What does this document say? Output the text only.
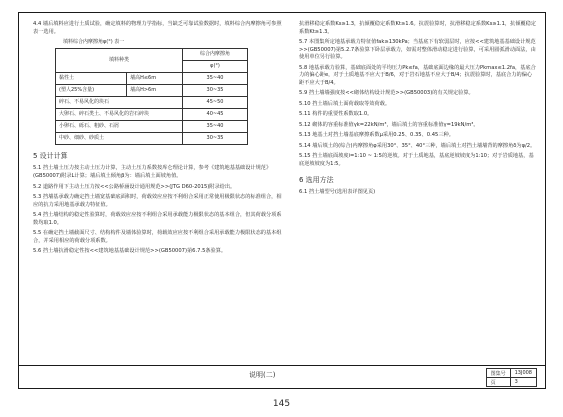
4.4 墙后填料应进行土质试验，确定填料的物理力学指标，当缺乏可靠试验数据时，填料综合内摩擦角可参照表一选用。

填料综合内摩擦角φ(°) 表一
填料种类		综合内摩擦角
		φ(°)
黏性土	墙高H≤6m	35~40
(塑人25%含量)	墙高H>6m	30~35
碎石、不易风化的块石		45~50
大卵石、碎石类土、不易风化的岩石碎块		40~45
小卵石、砾石、粗砂、石屑		35~40
中砂、细砂、砂质土		30~35
5 设计计算

5.1 挡土墙土压力按主动土压力计算，主动土压力系数按库仑理论计算，参考《建筑地基基础设计规范》(GB50007)附录L计算；墙后填土倾角β为：墙后填土面坡角值。

5.2 道路作用下主动土压力按<<公路桥涵设计通用规范>>(JTG D60-2015)附录给出。

5.3 挡墙基承载力确定挡土墙宽基础底面积时，荷载效应应按不利组合采用正常使用极限状态的标准组合，相应的抗力采用地基承载力特征值。

5.4 挡土墙结构的稳定性验算时，荷载效应应按不利组合采用承载能力极限状态的基本组合，但其荷载分项系数均取1.0。

5.5 在确定挡土墙截面尺寸、结构构件及墙体验算时，荷载效应应按不利组合采用承载能力极限状态的基本组合，并采用相应的荷载分项系数。

5.6 挡土墙抗滑稳定性按<<建筑地基基础设计规范>>(GB50007)第6.7.5条验算。

抗滑移稳定系数Ks≥1.3，抗倾覆稳定系数Kt≥1.6。抗震验算时，抗滑移稳定系数Ks≥1.1，抗倾覆稳定系数Kt≥1.3。

5.7 本图集所定地基承载力特征值fak≥130kPa；当基底下有软弱层时，应按<<建筑地基基础设计规范>>(GB50007)第5.2.7条验算下卧层承载力，如需对整体滑动稳定进行验算，可采用圆弧滑动面法，由使用单位另行验算。

5.8 地基承载力验算，基础底面处的平均压力Pk≤fa，基础底面边缘的最大压力Pkmax≤1.2fa，基底合力的偏心距e，对于土质地基不应大于B/6，对于岩石地基不应大于B/4；抗震验算时，基底合力的偏心距不应大于B/4。

5.9 挡土墙墙强度按<<砌体结构设计规范>>(GB50003)的有关规定验算。

5.10 挡土墙后填土面荷载取等效荷载。

5.11 构件的重要性系数取1.0。

5.12 砌体的容重标准值γk=22kN/m³，墙后填土的容重标准值γ=19kN/m³。

5.13 地基土对挡土墙基底摩擦系数μ采用0.25、0.35、0.45三种。

5.14 墙后填土的(综合)内摩擦角φ采用30°、35°、40°三种，墙后填土对挡土墙墙背的摩擦角δ为φ/2。

5.15 挡土墙底面坡度i=1:10 ~ 1:5的逆坡。对于土质地基，基底逆坡坡度为1:10；对于岩质地基，基底逆坡坡度为1:5。

6 选用方法

6.1 挡土墙型号(选用表详图见页)

说明(二)	图集号	13J008
页	3
145
